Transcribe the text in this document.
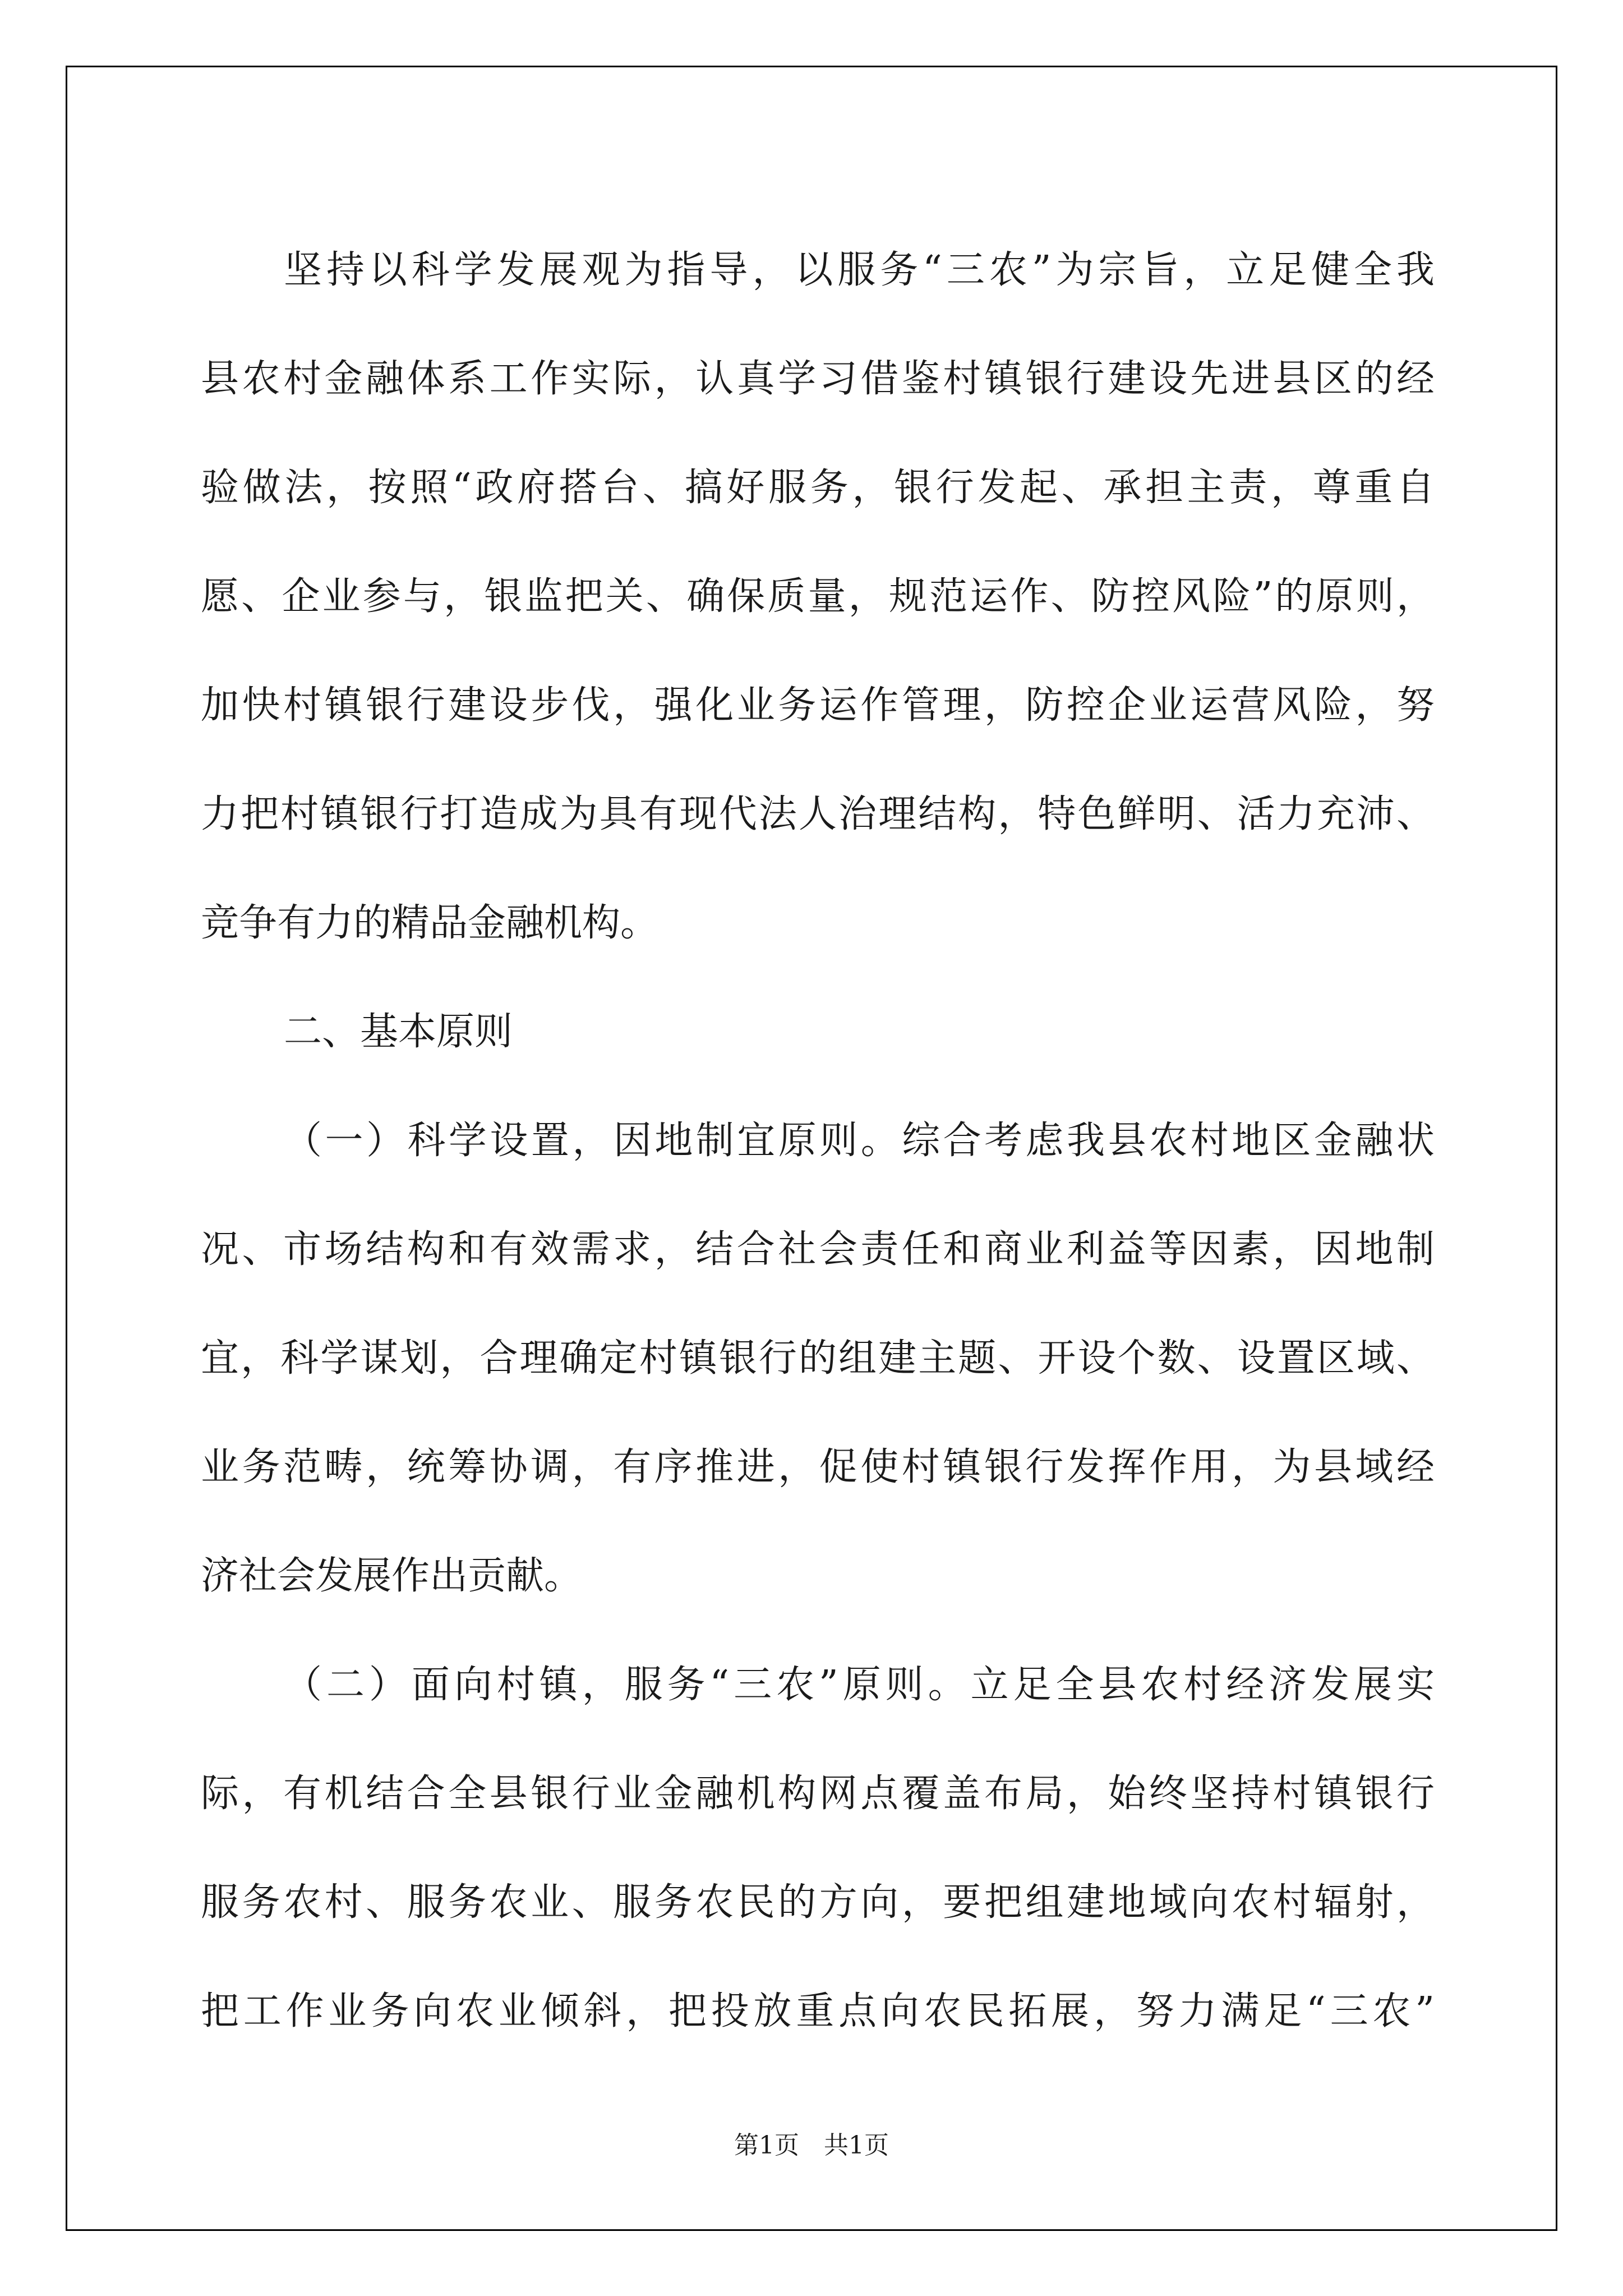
坚持以科学发展观为指导，以服务“三农”为宗旨，立足健全我
县农村金融体系工作实际，认真学习借鉴村镇银行建设先进县区的经
验做法，按照“政府搭台、搞好服务，银行发起、承担主责，尊重自
愿、企业参与，银监把关、确保质量，规范运作、防控风险”的原则，
加快村镇银行建设步伐，强化业务运作管理，防控企业运营风险，努
力把村镇银行打造成为具有现代法人治理结构，特色鲜明、活力充沛、
竞争有力的精品金融机构。
二、基本原则
（一）科学设置，因地制宜原则。综合考虑我县农村地区金融状
况、市场结构和有效需求，结合社会责任和商业利益等因素，因地制
宜，科学谋划，合理确定村镇银行的组建主题、开设个数、设置区域、
业务范畴，统筹协调，有序推进，促使村镇银行发挥作用，为县域经
济社会发展作出贡献。
（二）面向村镇，服务“三农”原则。立足全县农村经济发展实
际，有机结合全县银行业金融机构网点覆盖布局，始终坚持村镇银行
服务农村、服务农业、服务农民的方向，要把组建地域向农村辐射，
把工作业务向农业倾斜，把投放重点向农民拓展，努力满足“三农”
第1页　共1页
